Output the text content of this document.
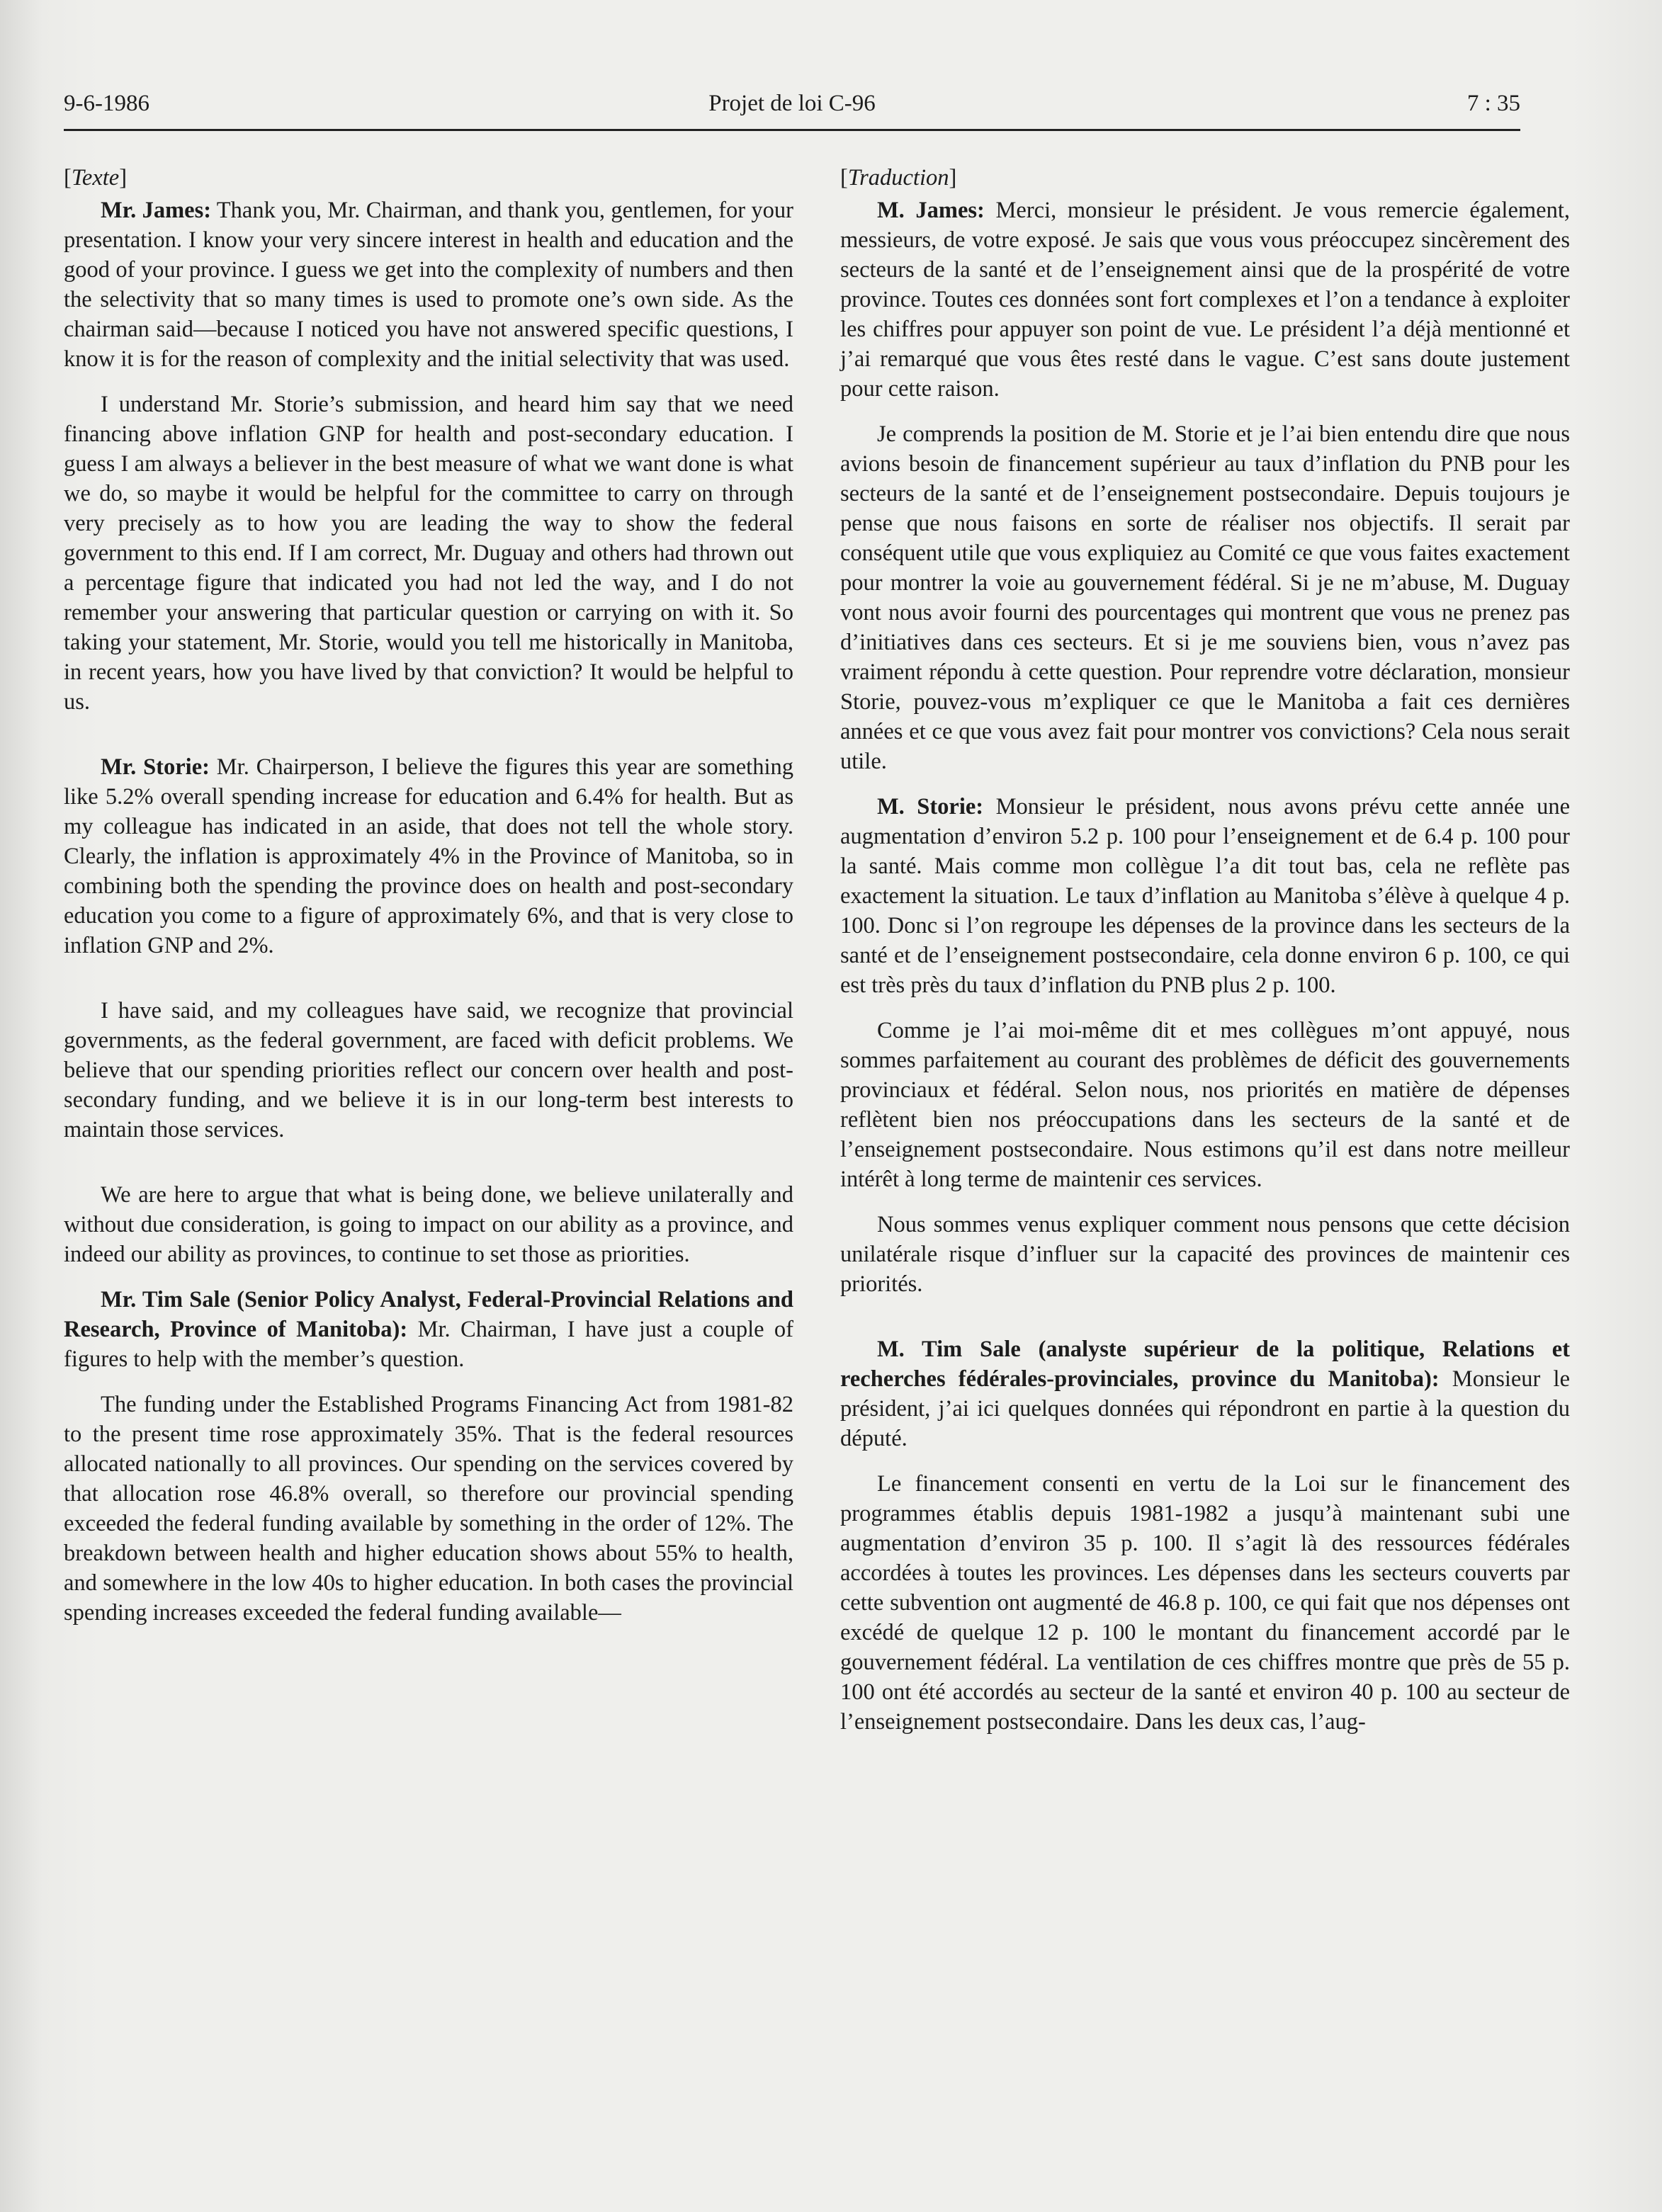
9-6-1986	Projet de loi C-96	7 : 35

[Texte]

Mr. James: Thank you, Mr. Chairman, and thank you, gentlemen, for your presentation. I know your very sincere interest in health and education and the good of your province. I guess we get into the complexity of numbers and then the selectivity that so many times is used to promote one’s own side. As the chairman said—because I noticed you have not answered specific questions, I know it is for the reason of complexity and the initial selectivity that was used.

I understand Mr. Storie’s submission, and heard him say that we need financing above inflation GNP for health and post-secondary education. I guess I am always a believer in the best measure of what we want done is what we do, so maybe it would be helpful for the committee to carry on through very precisely as to how you are leading the way to show the federal government to this end. If I am correct, Mr. Duguay and others had thrown out a percentage figure that indicated you had not led the way, and I do not remember your answering that particular question or carrying on with it. So taking your statement, Mr. Storie, would you tell me historically in Manitoba, in recent years, how you have lived by that conviction? It would be helpful to us.

Mr. Storie: Mr. Chairperson, I believe the figures this year are something like 5.2% overall spending increase for education and 6.4% for health. But as my colleague has indicated in an aside, that does not tell the whole story. Clearly, the inflation is approximately 4% in the Province of Manitoba, so in combining both the spending the province does on health and post-secondary education you come to a figure of approximately 6%, and that is very close to inflation GNP and 2%.

I have said, and my colleagues have said, we recognize that provincial governments, as the federal government, are faced with deficit problems. We believe that our spending priorities reflect our concern over health and post-secondary funding, and we believe it is in our long-term best interests to maintain those services.

We are here to argue that what is being done, we believe unilaterally and without due consideration, is going to impact on our ability as a province, and indeed our ability as provinces, to continue to set those as priorities.

Mr. Tim Sale (Senior Policy Analyst, Federal-Provincial Relations and Research, Province of Manitoba): Mr. Chairman, I have just a couple of figures to help with the member’s question.

The funding under the Established Programs Financing Act from 1981-82 to the present time rose approximately 35%. That is the federal resources allocated nationally to all provinces. Our spending on the services covered by that allocation rose 46.8% overall, so therefore our provincial spending exceeded the federal funding available by something in the order of 12%. The breakdown between health and higher education shows about 55% to health, and somewhere in the low 40s to higher education. In both cases the provincial spending increases exceeded the federal funding available—

[Traduction]

M. James: Merci, monsieur le président. Je vous remercie également, messieurs, de votre exposé. Je sais que vous vous préoccupez sincèrement des secteurs de la santé et de l’enseignement ainsi que de la prospérité de votre province. Toutes ces données sont fort complexes et l’on a tendance à exploiter les chiffres pour appuyer son point de vue. Le président l’a déjà mentionné et j’ai remarqué que vous êtes resté dans le vague. C’est sans doute justement pour cette raison.

Je comprends la position de M. Storie et je l’ai bien entendu dire que nous avions besoin de financement supérieur au taux d’inflation du PNB pour les secteurs de la santé et de l’enseignement postsecondaire. Depuis toujours je pense que nous faisons en sorte de réaliser nos objectifs. Il serait par conséquent utile que vous expliquiez au Comité ce que vous faites exactement pour montrer la voie au gouvernement fédéral. Si je ne m’abuse, M. Duguay vont nous avoir fourni des pourcentages qui montrent que vous ne prenez pas d’initiatives dans ces secteurs. Et si je me souviens bien, vous n’avez pas vraiment répondu à cette question. Pour reprendre votre déclaration, monsieur Storie, pouvez-vous m’expliquer ce que le Manitoba a fait ces dernières années et ce que vous avez fait pour montrer vos convictions? Cela nous serait utile.

M. Storie: Monsieur le président, nous avons prévu cette année une augmentation d’environ 5.2 p. 100 pour l’enseignement et de 6.4 p. 100 pour la santé. Mais comme mon collègue l’a dit tout bas, cela ne reflète pas exactement la situation. Le taux d’inflation au Manitoba s’élève à quelque 4 p. 100. Donc si l’on regroupe les dépenses de la province dans les secteurs de la santé et de l’enseignement postsecondaire, cela donne environ 6 p. 100, ce qui est très près du taux d’inflation du PNB plus 2 p. 100.

Comme je l’ai moi-même dit et mes collègues m’ont appuyé, nous sommes parfaitement au courant des problèmes de déficit des gouvernements provinciaux et fédéral. Selon nous, nos priorités en matière de dépenses reflètent bien nos préoccupations dans les secteurs de la santé et de l’enseignement postsecondaire. Nous estimons qu’il est dans notre meilleur intérêt à long terme de maintenir ces services.

Nous sommes venus expliquer comment nous pensons que cette décision unilatérale risque d’influer sur la capacité des provinces de maintenir ces priorités.

M. Tim Sale (analyste supérieur de la politique, Relations et recherches fédérales-provinciales, province du Manitoba): Monsieur le président, j’ai ici quelques données qui répondront en partie à la question du député.

Le financement consenti en vertu de la Loi sur le financement des programmes établis depuis 1981-1982 a jusqu’à maintenant subi une augmentation d’environ 35 p. 100. Il s’agit là des ressources fédérales accordées à toutes les provinces. Les dépenses dans les secteurs couverts par cette subvention ont augmenté de 46.8 p. 100, ce qui fait que nos dépenses ont excédé de quelque 12 p. 100 le montant du financement accordé par le gouvernement fédéral. La ventilation de ces chiffres montre que près de 55 p. 100 ont été accordés au secteur de la santé et environ 40 p. 100 au secteur de l’enseignement postsecondaire. Dans les deux cas, l’aug-
